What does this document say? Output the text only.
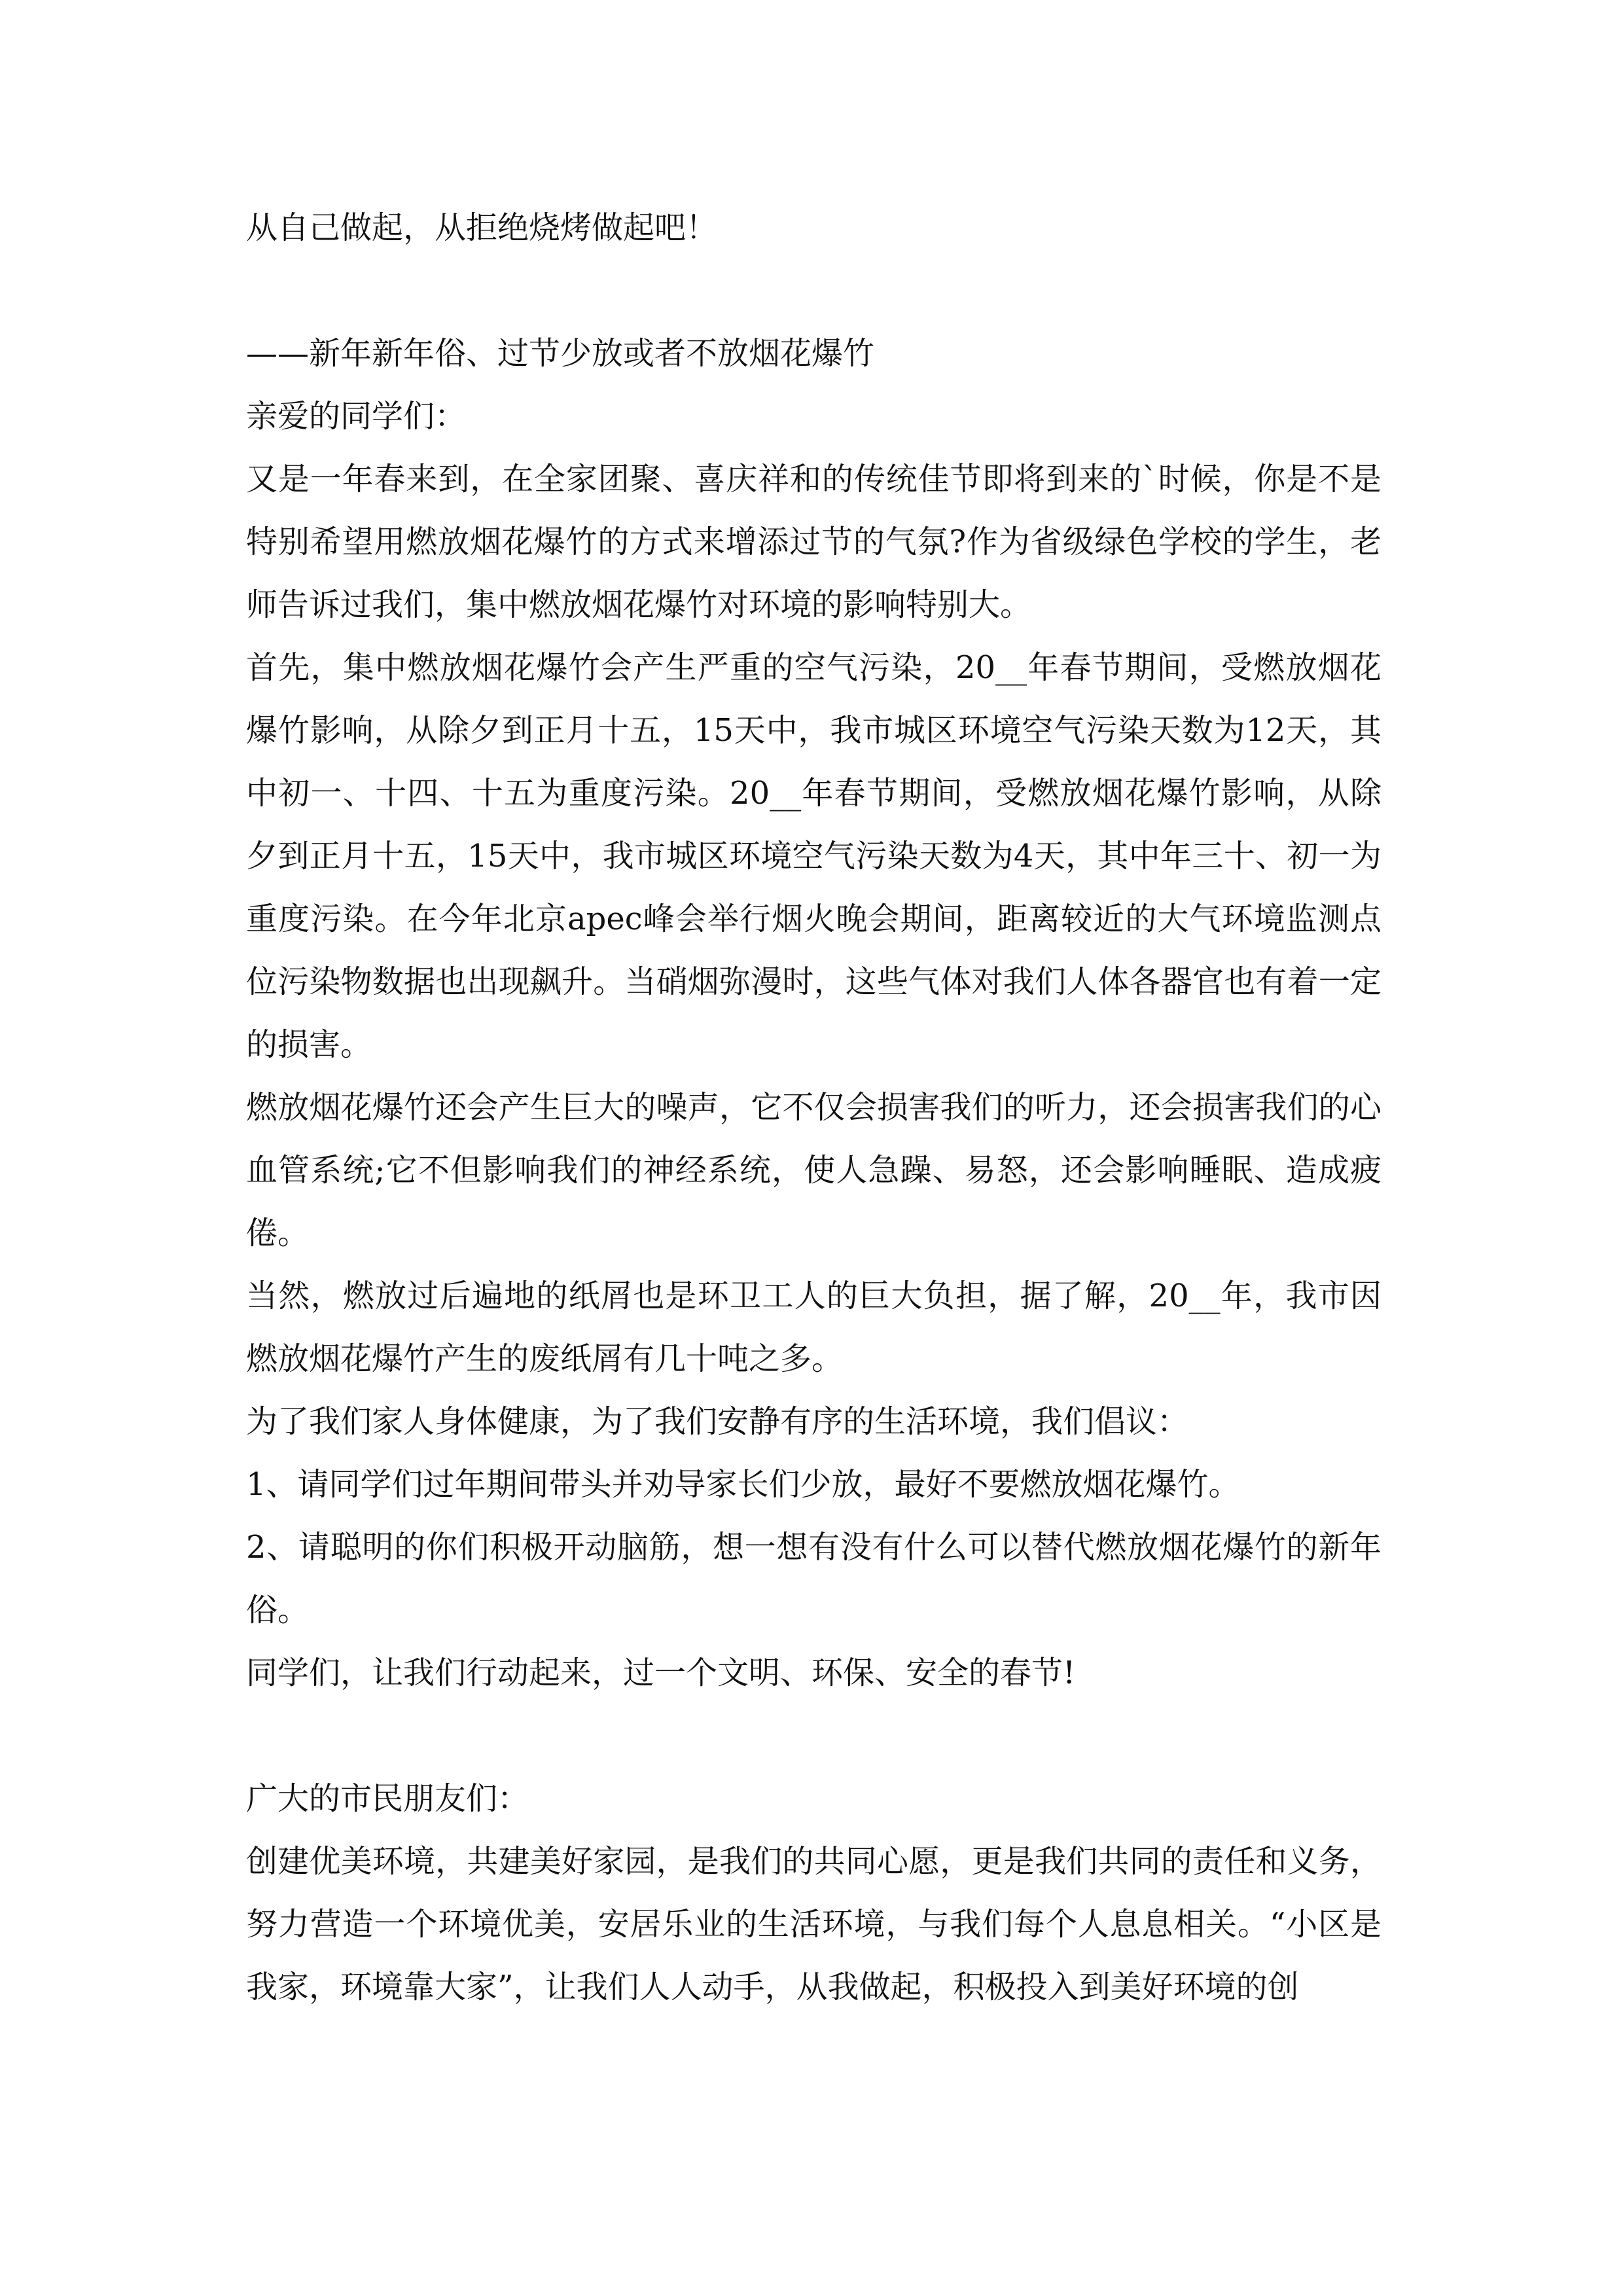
从自己做起，从拒绝烧烤做起吧！

——新年新年俗、过节少放或者不放烟花爆竹

亲爱的同学们：

又是一年春来到，在全家团聚、喜庆祥和的传统佳节即将到来的`时候，你是不是特别希望用燃放烟花爆竹的方式来增添过节的气氛?作为省级绿色学校的学生，老师告诉过我们，集中燃放烟花爆竹对环境的影响特别大。

首先，集中燃放烟花爆竹会产生严重的空气污染，20__年春节期间，受燃放烟花爆竹影响，从除夕到正月十五，15天中，我市城区环境空气污染天数为12天，其中初一、十四、十五为重度污染。20__年春节期间，受燃放烟花爆竹影响，从除夕到正月十五，15天中，我市城区环境空气污染天数为4天，其中年三十、初一为重度污染。在今年北京apec峰会举行烟火晚会期间，距离较近的大气环境监测点位污染物数据也出现飙升。当硝烟弥漫时，这些气体对我们人体各器官也有着一定的损害。

燃放烟花爆竹还会产生巨大的噪声，它不仅会损害我们的听力，还会损害我们的心血管系统;它不但影响我们的神经系统，使人急躁、易怒，还会影响睡眠、造成疲倦。

当然，燃放过后遍地的纸屑也是环卫工人的巨大负担，据了解，20__年，我市因燃放烟花爆竹产生的废纸屑有几十吨之多。

为了我们家人身体健康，为了我们安静有序的生活环境，我们倡议：

1、请同学们过年期间带头并劝导家长们少放，最好不要燃放烟花爆竹。

2、请聪明的你们积极开动脑筋，想一想有没有什么可以替代燃放烟花爆竹的新年俗。

同学们，让我们行动起来，过一个文明、环保、安全的春节!

广大的市民朋友们：

创建优美环境，共建美好家园，是我们的共同心愿，更是我们共同的责任和义务，努力营造一个环境优美，安居乐业的生活环境，与我们每个人息息相关。“小区是我家，环境靠大家”，让我们人人动手，从我做起，积极投入到美好环境的创
